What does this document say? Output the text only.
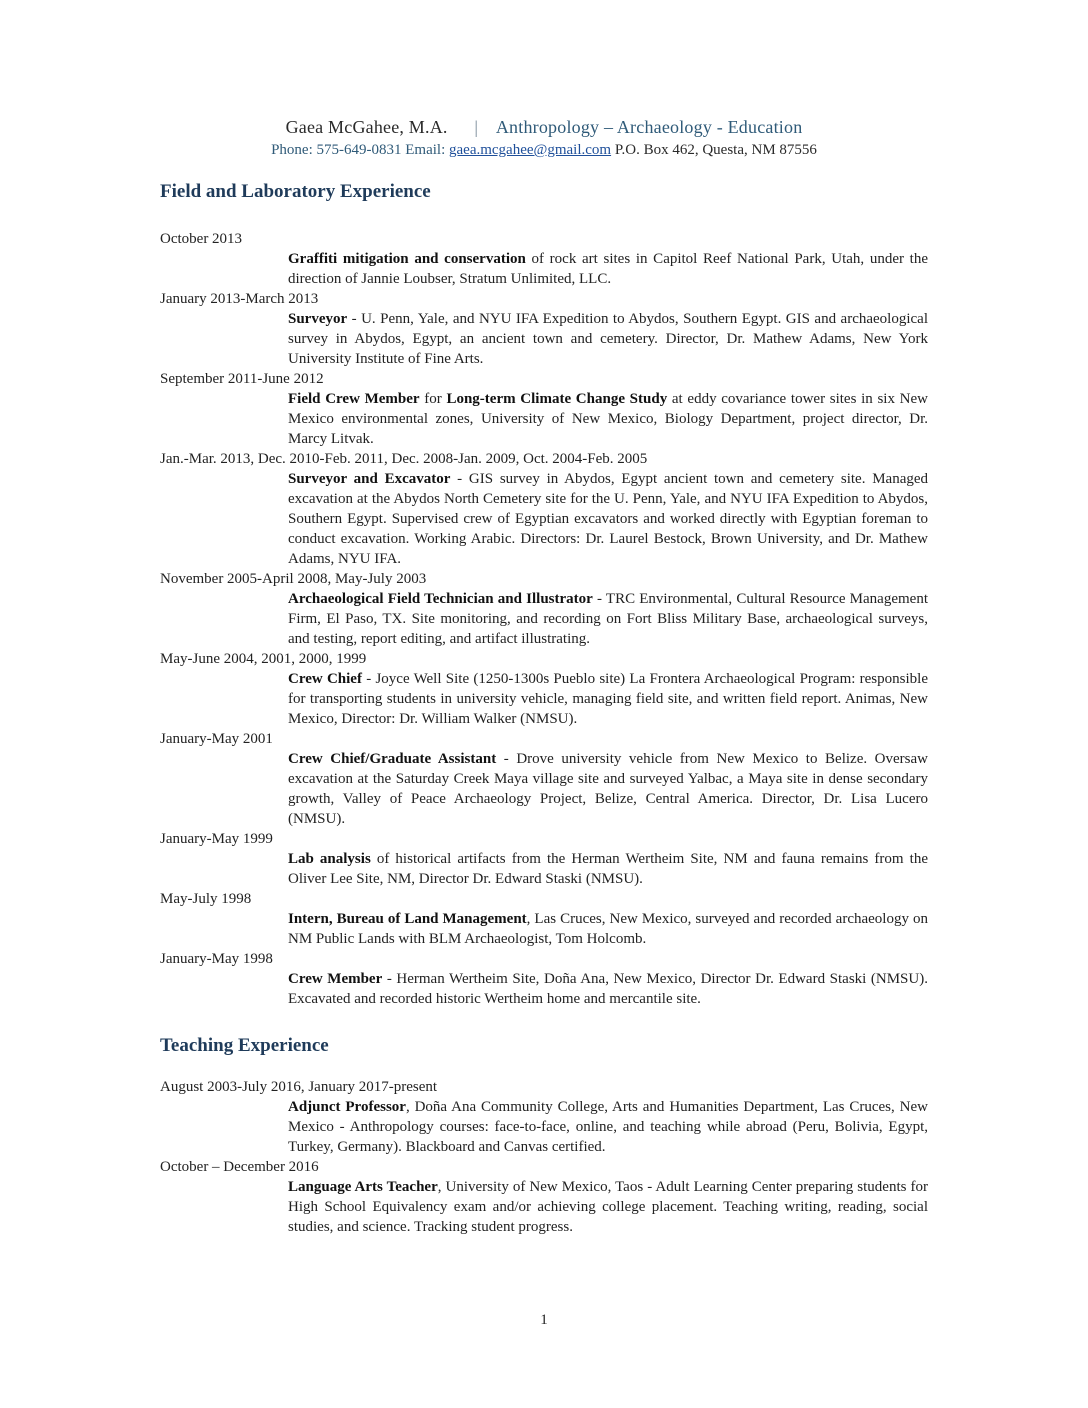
Gaea McGahee, M.A. | Anthropology – Archaeology - Education
Phone: 575-649-0831 Email: gaea.mcgahee@gmail.com P.O. Box 462, Questa, NM 87556
Field and Laboratory Experience
October 2013
Graffiti mitigation and conservation of rock art sites in Capitol Reef National Park, Utah, under the direction of Jannie Loubser, Stratum Unlimited, LLC.
January 2013-March 2013
Surveyor - U. Penn, Yale, and NYU IFA Expedition to Abydos, Southern Egypt. GIS and archaeological survey in Abydos, Egypt, an ancient town and cemetery. Director, Dr. Mathew Adams, New York University Institute of Fine Arts.
September 2011-June 2012
Field Crew Member for Long-term Climate Change Study at eddy covariance tower sites in six New Mexico environmental zones, University of New Mexico, Biology Department, project director, Dr. Marcy Litvak.
Jan.-Mar. 2013, Dec. 2010-Feb. 2011, Dec. 2008-Jan. 2009, Oct. 2004-Feb. 2005
Surveyor and Excavator - GIS survey in Abydos, Egypt ancient town and cemetery site. Managed excavation at the Abydos North Cemetery site for the U. Penn, Yale, and NYU IFA Expedition to Abydos, Southern Egypt. Supervised crew of Egyptian excavators and worked directly with Egyptian foreman to conduct excavation. Working Arabic. Directors: Dr. Laurel Bestock, Brown University, and Dr. Mathew Adams, NYU IFA.
November 2005-April 2008, May-July 2003
Archaeological Field Technician and Illustrator - TRC Environmental, Cultural Resource Management Firm, El Paso, TX. Site monitoring, and recording on Fort Bliss Military Base, archaeological surveys, and testing, report editing, and artifact illustrating.
May-June 2004, 2001, 2000, 1999
Crew Chief - Joyce Well Site (1250-1300s Pueblo site) La Frontera Archaeological Program: responsible for transporting students in university vehicle, managing field site, and written field report. Animas, New Mexico, Director: Dr. William Walker (NMSU).
January-May 2001
Crew Chief/Graduate Assistant - Drove university vehicle from New Mexico to Belize. Oversaw excavation at the Saturday Creek Maya village site and surveyed Yalbac, a Maya site in dense secondary growth, Valley of Peace Archaeology Project, Belize, Central America. Director, Dr. Lisa Lucero (NMSU).
January-May 1999
Lab analysis of historical artifacts from the Herman Wertheim Site, NM and fauna remains from the Oliver Lee Site, NM, Director Dr. Edward Staski (NMSU).
May-July 1998
Intern, Bureau of Land Management, Las Cruces, New Mexico, surveyed and recorded archaeology on NM Public Lands with BLM Archaeologist, Tom Holcomb.
January-May 1998
Crew Member - Herman Wertheim Site, Doña Ana, New Mexico, Director Dr. Edward Staski (NMSU). Excavated and recorded historic Wertheim home and mercantile site.
Teaching Experience
August 2003-July 2016, January 2017-present
Adjunct Professor, Doña Ana Community College, Arts and Humanities Department, Las Cruces, New Mexico - Anthropology courses: face-to-face, online, and teaching while abroad (Peru, Bolivia, Egypt, Turkey, Germany). Blackboard and Canvas certified.
October – December 2016
Language Arts Teacher, University of New Mexico, Taos - Adult Learning Center preparing students for High School Equivalency exam and/or achieving college placement. Teaching writing, reading, social studies, and science. Tracking student progress.
1
